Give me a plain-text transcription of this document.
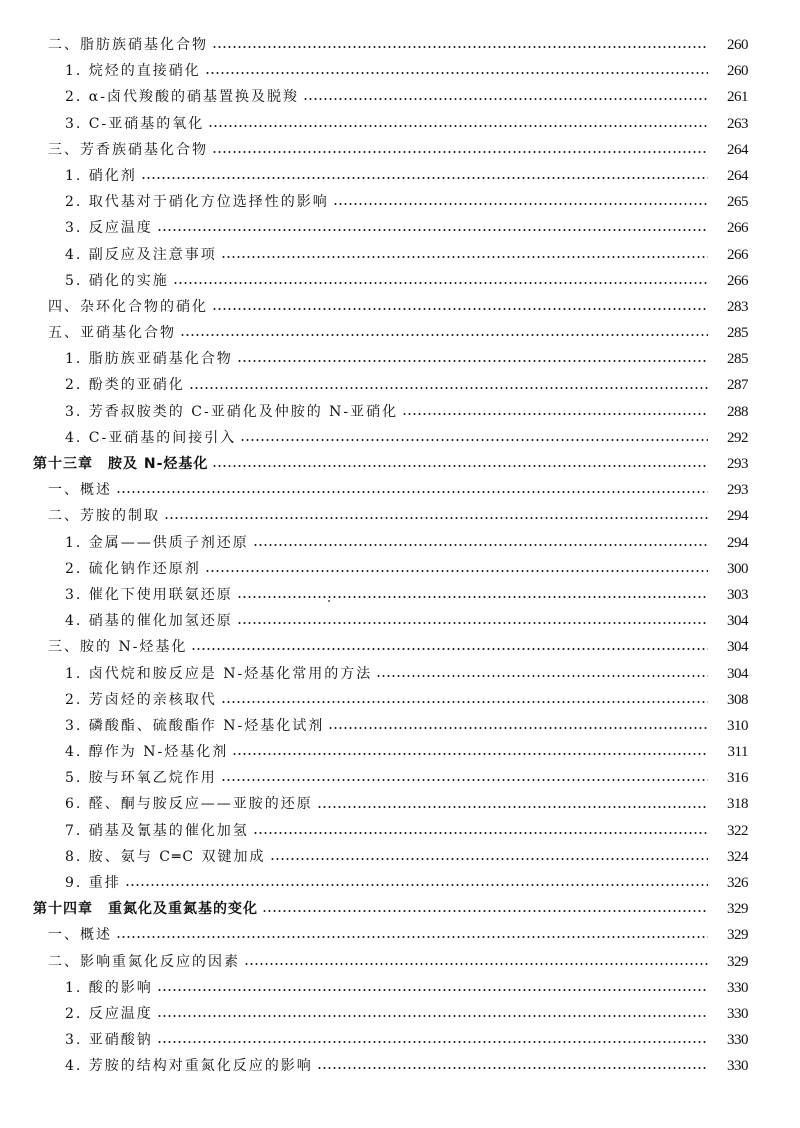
二、脂肪族硝基化合物	260
1. 烷烃的直接硝化	260
2. α-卤代羧酸的硝基置换及脱羧	261
3. C-亚硝基的氧化	263
三、芳香族硝基化合物	264
1. 硝化剂	264
2. 取代基对于硝化方位选择性的影响	265
3. 反应温度	266
4. 副反应及注意事项	266
5. 硝化的实施	266
四、杂环化合物的硝化	283
五、亚硝基化合物	285
1. 脂肪族亚硝基化合物	285
2. 酚类的亚硝化	287
3. 芳香叔胺类的 C-亚硝化及仲胺的 N-亚硝化	288
4. C-亚硝基的间接引入	292
第十三章　胺及 N-烃基化	293
一、概述	293
二、芳胺的制取	294
1. 金属——供质子剂还原	294
2. 硫化钠作还原剂	300
3. 催化下使用联氨还原	303
4. 硝基的催化加氢还原	304
三、胺的 N-烃基化	304
1. 卤代烷和胺反应是 N-烃基化常用的方法	304
2. 芳卤烃的亲核取代	308
3. 磷酸酯、硫酸酯作 N-烃基化试剂	310
4. 醇作为 N-烃基化剂	311
5. 胺与环氧乙烷作用	316
6. 醛、酮与胺反应——亚胺的还原	318
7. 硝基及氰基的催化加氢	322
8. 胺、氨与 C═C 双键加成	324
9. 重排	326
第十四章　重氮化及重氮基的变化	329
一、概述	329
二、影响重氮化反应的因素	329
1. 酸的影响	330
2. 反应温度	330
3. 亚硝酸钠	330
4. 芳胺的结构对重氮化反应的影响	330
